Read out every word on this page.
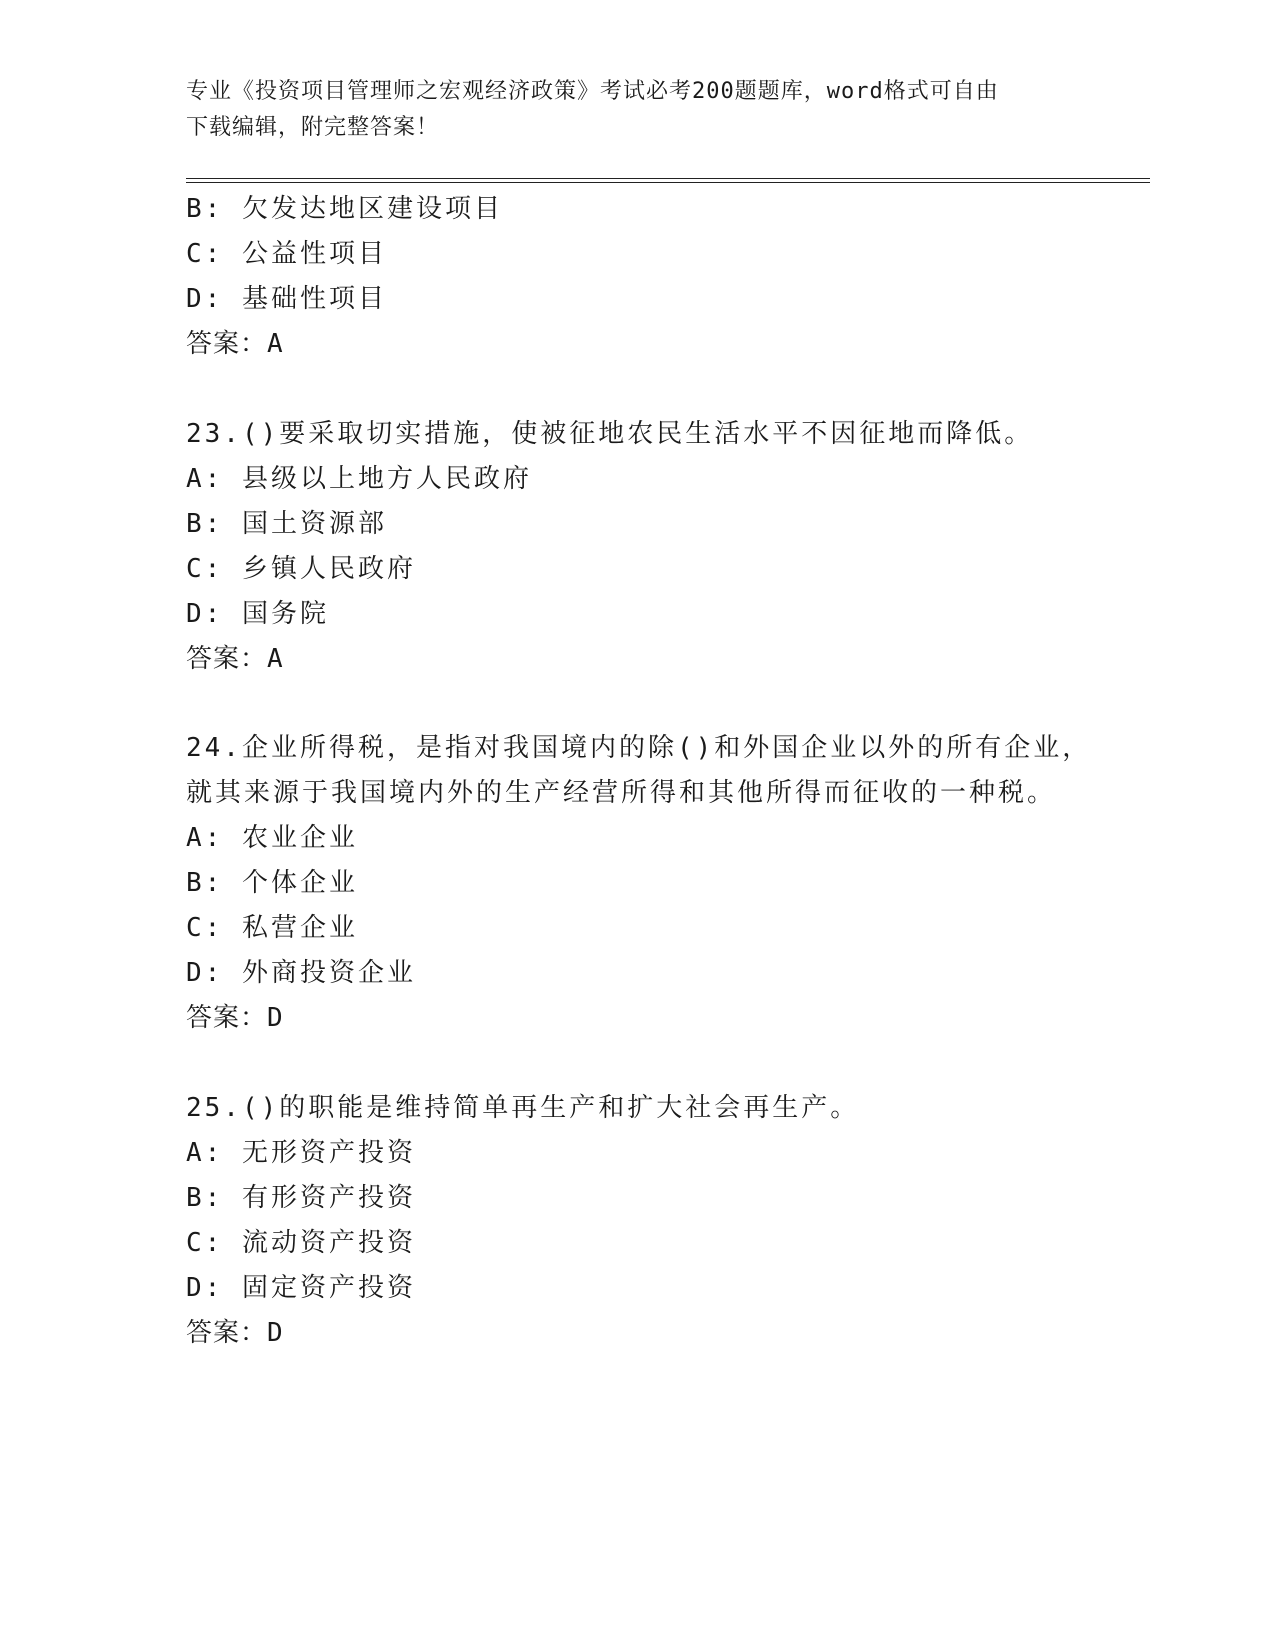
专业《投资项目管理师之宏观经济政策》考试必考200题题库，word格式可自由
下载编辑，附完整答案！
B: 欠发达地区建设项目
C: 公益性项目
D: 基础性项目
答案：A
23.()要采取切实措施，使被征地农民生活水平不因征地而降低。
A: 县级以上地方人民政府
B: 国土资源部
C: 乡镇人民政府
D: 国务院
答案：A
24.企业所得税，是指对我国境内的除()和外国企业以外的所有企业，
就其来源于我国境内外的生产经营所得和其他所得而征收的一种税。
A: 农业企业
B: 个体企业
C: 私营企业
D: 外商投资企业
答案：D
25.()的职能是维持简单再生产和扩大社会再生产。
A: 无形资产投资
B: 有形资产投资
C: 流动资产投资
D: 固定资产投资
答案：D
